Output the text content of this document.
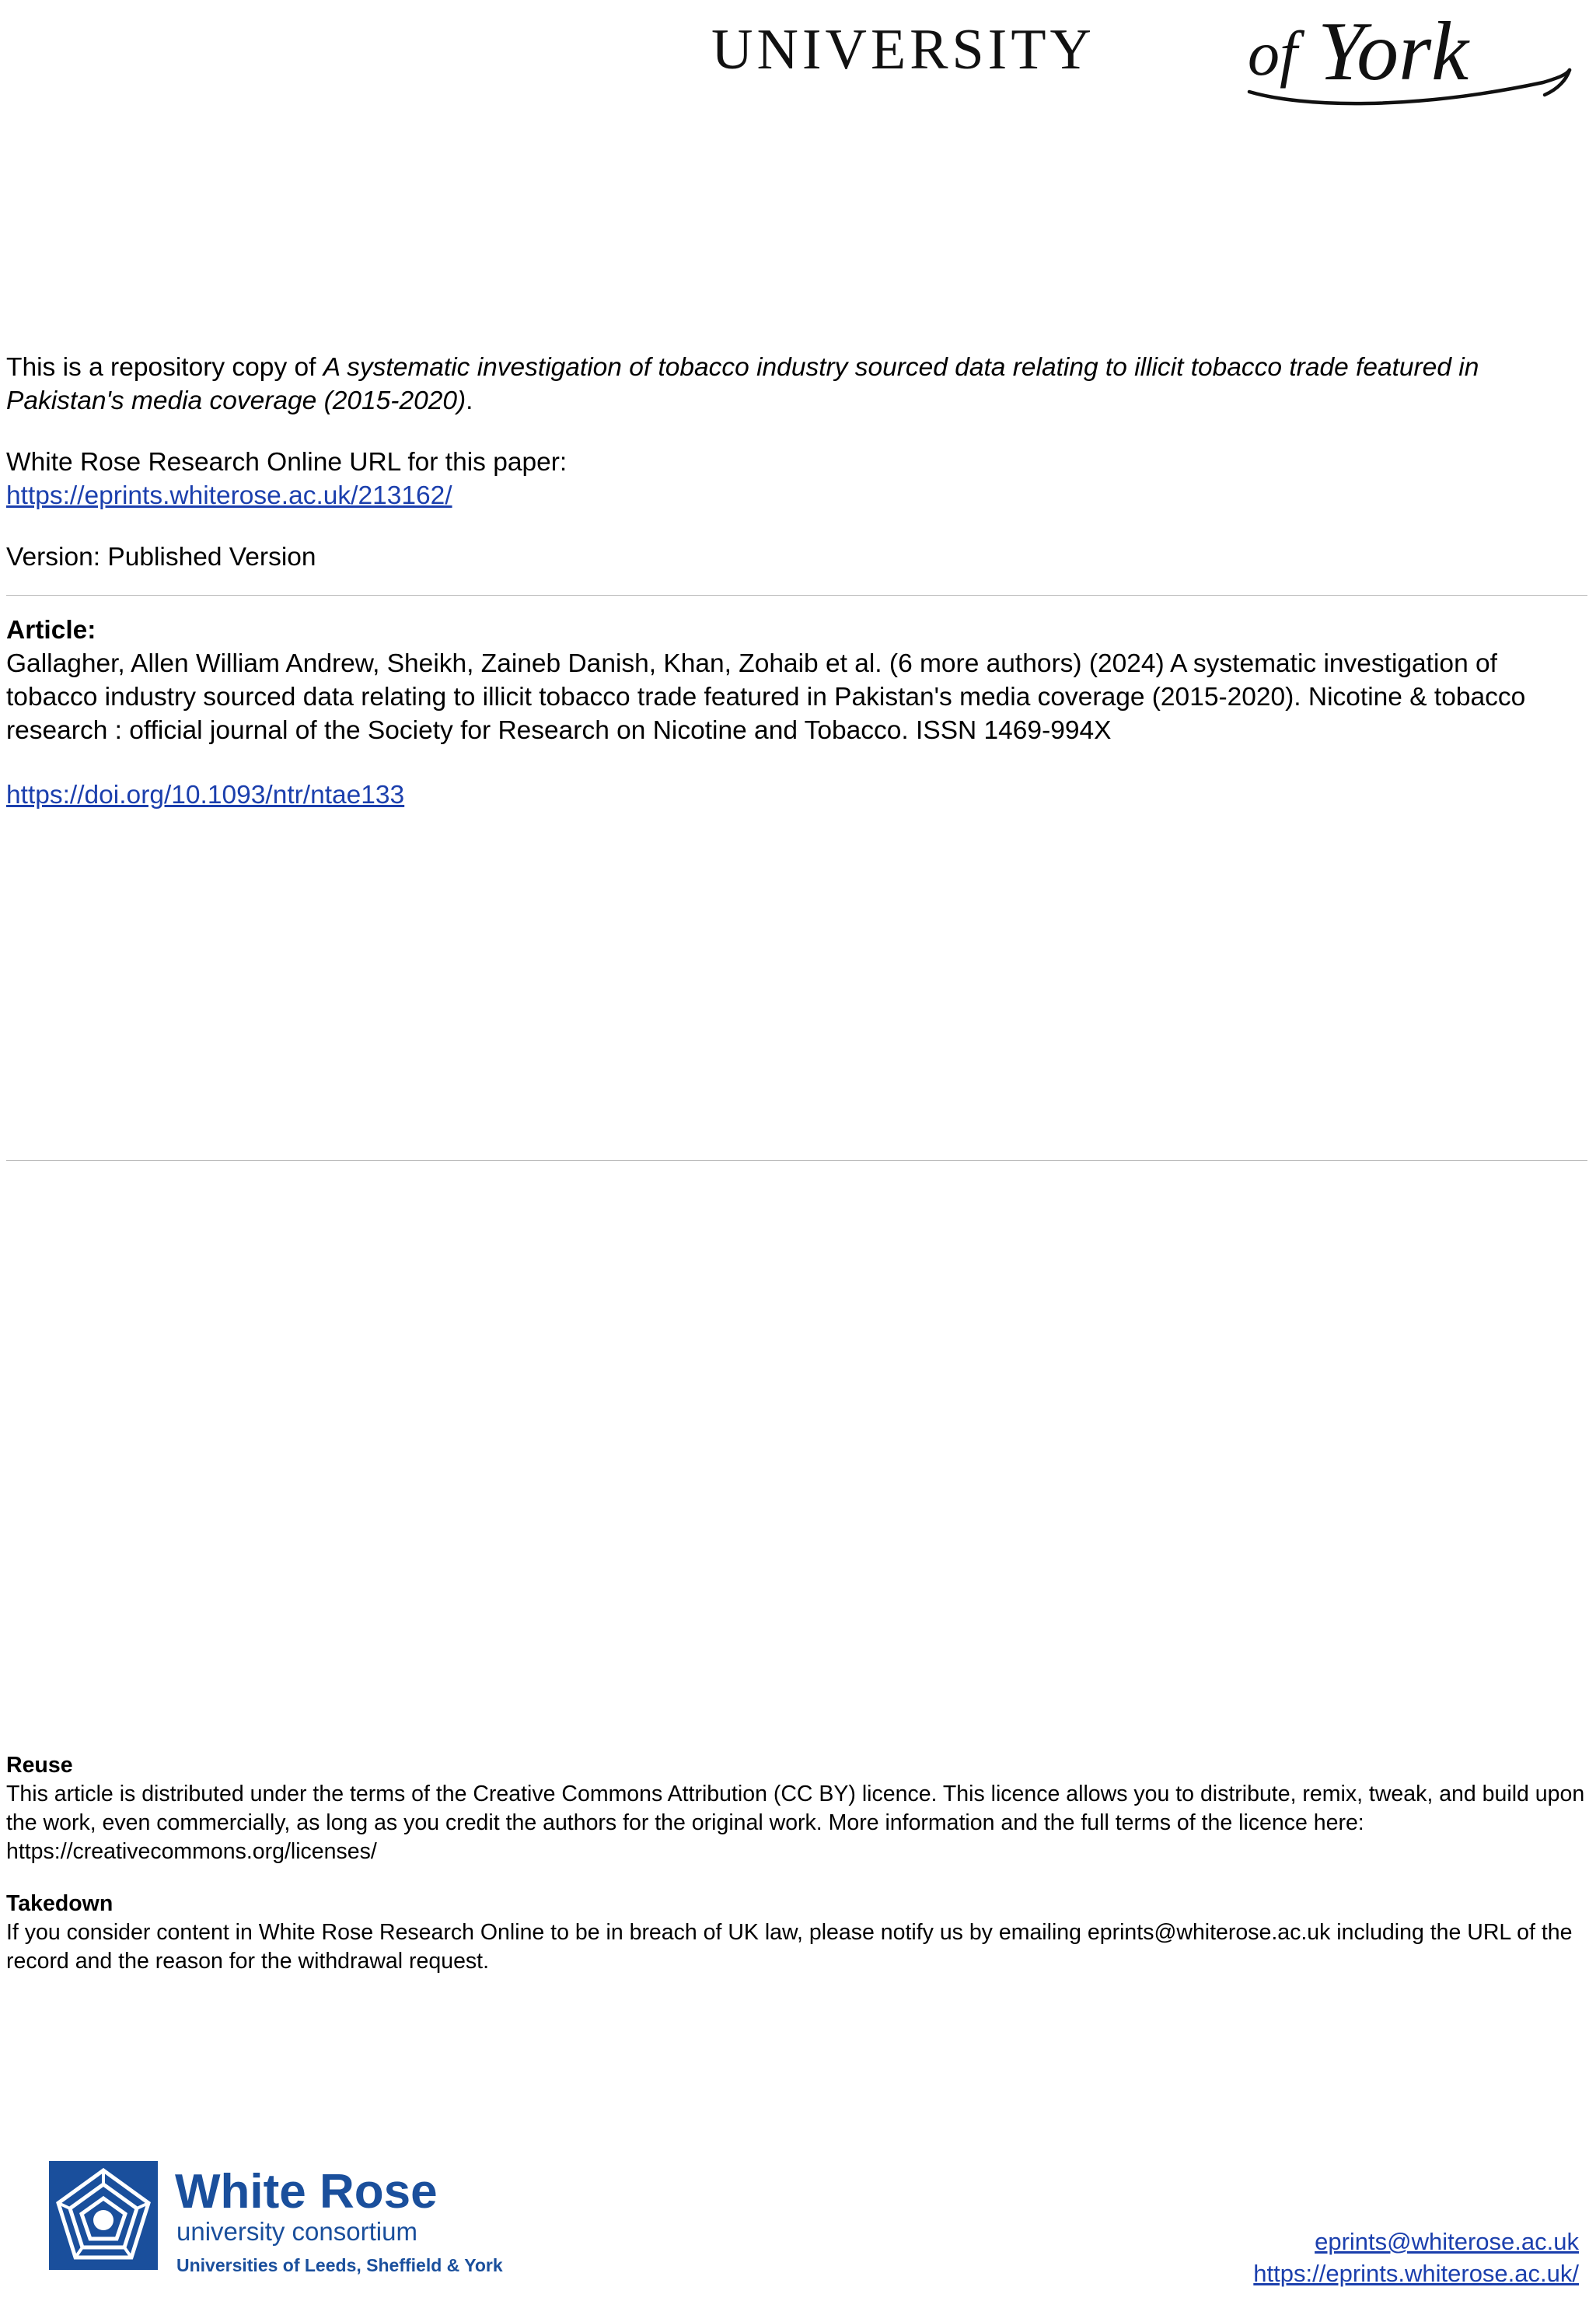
UNIVERSITY of York
This is a repository copy of A systematic investigation of tobacco industry sourced data relating to illicit tobacco trade featured in Pakistan's media coverage (2015-2020).
White Rose Research Online URL for this paper:
https://eprints.whiterose.ac.uk/213162/
Version: Published Version
Article:
Gallagher, Allen William Andrew, Sheikh, Zaineb Danish, Khan, Zohaib et al. (6 more authors) (2024) A systematic investigation of tobacco industry sourced data relating to illicit tobacco trade featured in Pakistan's media coverage (2015-2020). Nicotine & tobacco research : official journal of the Society for Research on Nicotine and Tobacco. ISSN 1469-994X
https://doi.org/10.1093/ntr/ntae133

Reuse

This article is distributed under the terms of the Creative Commons Attribution (CC BY) licence. This licence allows you to distribute, remix, tweak, and build upon the work, even commercially, as long as you credit the authors for the original work. More information and the full terms of the licence here: https://creativecommons.org/licenses/

Takedown

If you consider content in White Rose Research Online to be in breach of UK law, please notify us by emailing eprints@whiterose.ac.uk including the URL of the record and the reason for the withdrawal request.

White Rose
university consortium
Universities of Leeds, Sheffield & York
eprints@whiterose.ac.uk
https://eprints.whiterose.ac.uk/
